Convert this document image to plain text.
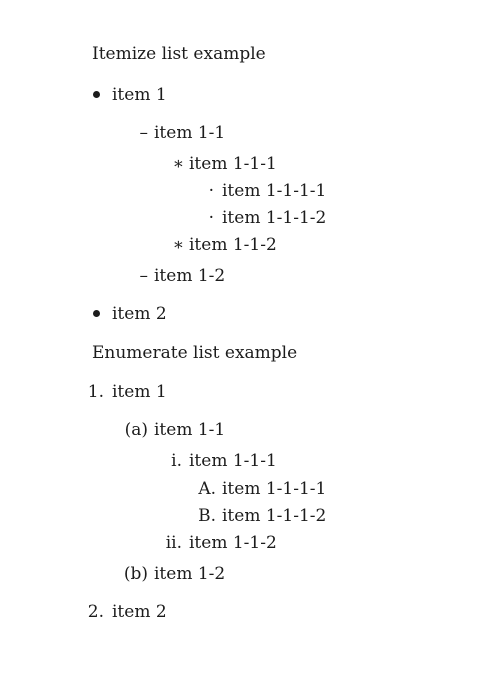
Itemize list example
item 1
– item 1-1
∗ item 1-1-1
· item 1-1-1-1
· item 1-1-1-2
∗ item 1-1-2
– item 1-2
item 2
Enumerate list example
1. item 1
(a) item 1-1
i. item 1-1-1
A. item 1-1-1-1
B. item 1-1-1-2
ii. item 1-1-2
(b) item 1-2
2. item 2
